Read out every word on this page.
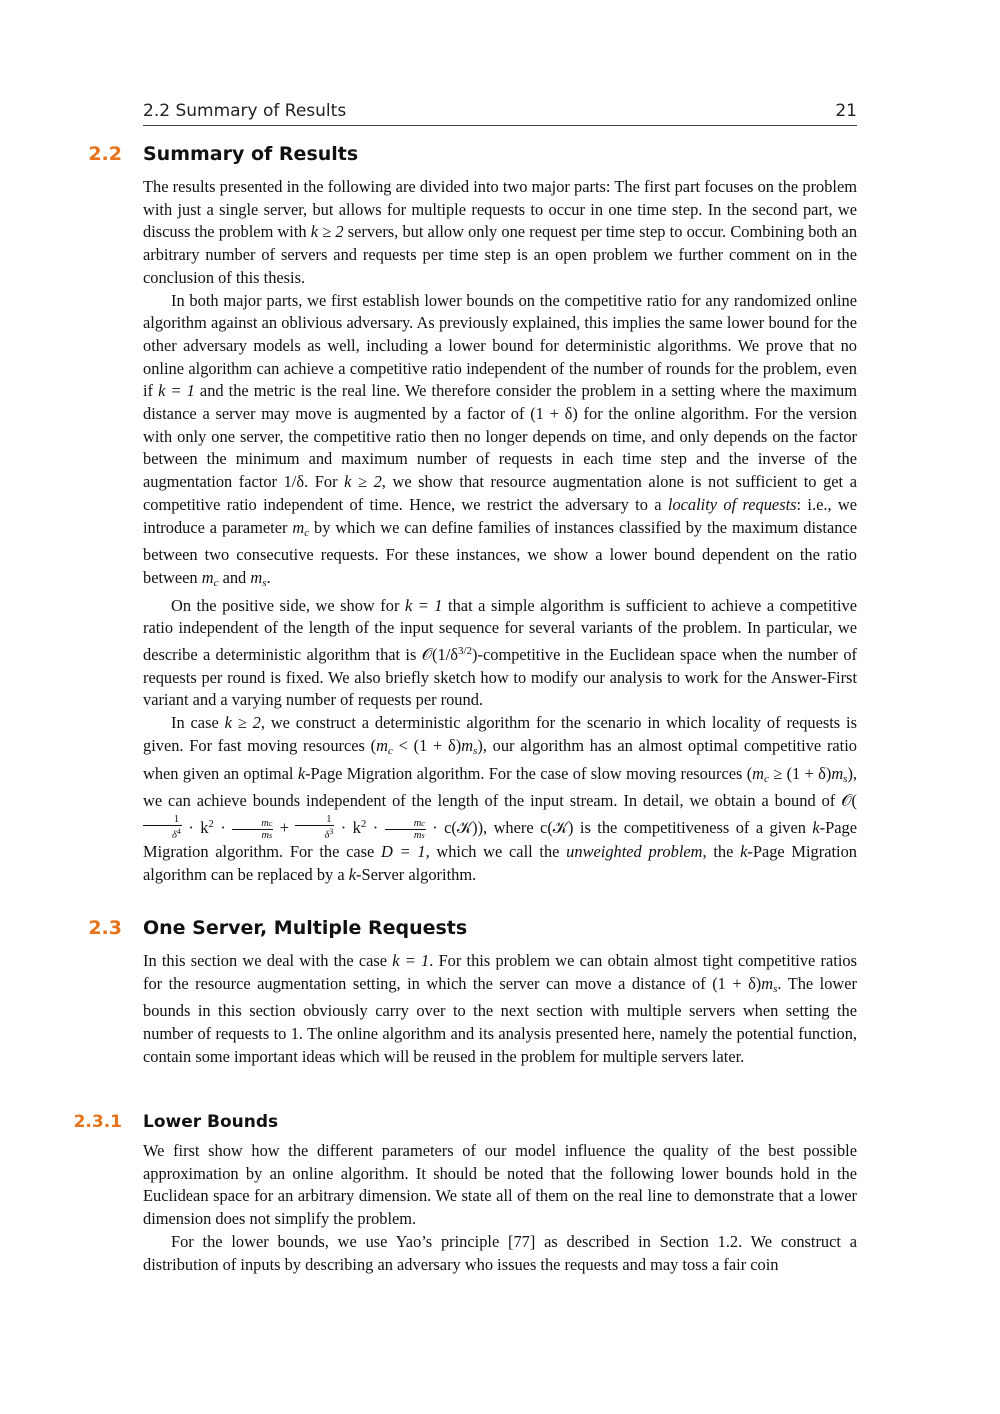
2.2 Summary of Results	21
2.2 Summary of Results

The results presented in the following are divided into two major parts: The first part focuses on the problem with just a single server, but allows for multiple requests to occur in one time step. In the second part, we discuss the problem with k ≥ 2 servers, but allow only one request per time step to occur. Combining both an arbitrary number of servers and requests per time step is an open problem we further comment on in the conclusion of this thesis.

In both major parts, we first establish lower bounds on the competitive ratio for any randomized online algorithm against an oblivious adversary. As previously explained, this implies the same lower bound for the other adversary models as well, including a lower bound for deterministic algorithms. We prove that no online algorithm can achieve a competitive ratio independent of the number of rounds for the problem, even if k = 1 and the metric is the real line. We therefore consider the problem in a setting where the maximum distance a server may move is augmented by a factor of (1 + δ) for the online algorithm. For the version with only one server, the competitive ratio then no longer depends on time, and only depends on the factor between the minimum and maximum number of requests in each time step and the inverse of the augmentation factor 1/δ. For k ≥ 2, we show that resource augmentation alone is not sufficient to get a competitive ratio independent of time. Hence, we restrict the adversary to a locality of requests: i.e., we introduce a parameter $m_c$ by which we can define families of instances classified by the maximum distance between two consecutive requests. For these instances, we show a lower bound dependent on the ratio between $m_c$ and $m_s$.

On the positive side, we show for k = 1 that a simple algorithm is sufficient to achieve a competitive ratio independent of the length of the input sequence for several variants of the problem. In particular, we describe a deterministic algorithm that is $𝒪(1/\delta^{3/2})$-competitive in the Euclidean space when the number of requests per round is fixed. We also briefly sketch how to modify our analysis to work for the Answer-First variant and a varying number of requests per round.

In case k ≥ 2, we construct a deterministic algorithm for the scenario in which locality of requests is given. For fast moving resources $(m_c < (1 + \delta)m_s)$, our algorithm has an almost optimal competitive ratio when given an optimal k-Page Migration algorithm. For the case of slow moving resources $(m_c \ge (1 + \delta)m_s)$, we can achieve bounds independent of the length of the input stream. In detail, we obtain a bound of 𝒪(
$\frac{1}{\delta^4} \cdot k^2 \cdot \frac{mc}{ms} + \frac{1}{\delta^3} \cdot k^2 \cdot \frac{mc}{ms}$ · c(𝒦)), where c(𝒦) is the competitiveness of a given k-Page Migration algorithm. For the case D = 1, which we call the unweighted problem, the k-Page Migration algorithm can be replaced by a k-Server algorithm.

2.3 One Server, Multiple Requests

In this section we deal with the case k = 1. For this problem we can obtain almost tight competitive ratios for the resource augmentation setting, in which the server can move a distance of $(1 + \delta)m_s$. The lower bounds in this section obviously carry over to the next section with multiple servers when setting the number of requests to 1. The online algorithm and its analysis presented here, namely the potential function, contain some important ideas which will be reused in the problem for multiple servers later.

2.3.1 Lower Bounds

We first show how the different parameters of our model influence the quality of the best possible approximation by an online algorithm. It should be noted that the following lower bounds hold in the Euclidean space for an arbitrary dimension. We state all of them on the real line to demonstrate that a lower dimension does not simplify the problem.

For the lower bounds, we use Yao’s principle [77] as described in Section 1.2. We construct a distribution of inputs by describing an adversary who issues the requests and may toss a fair coin
